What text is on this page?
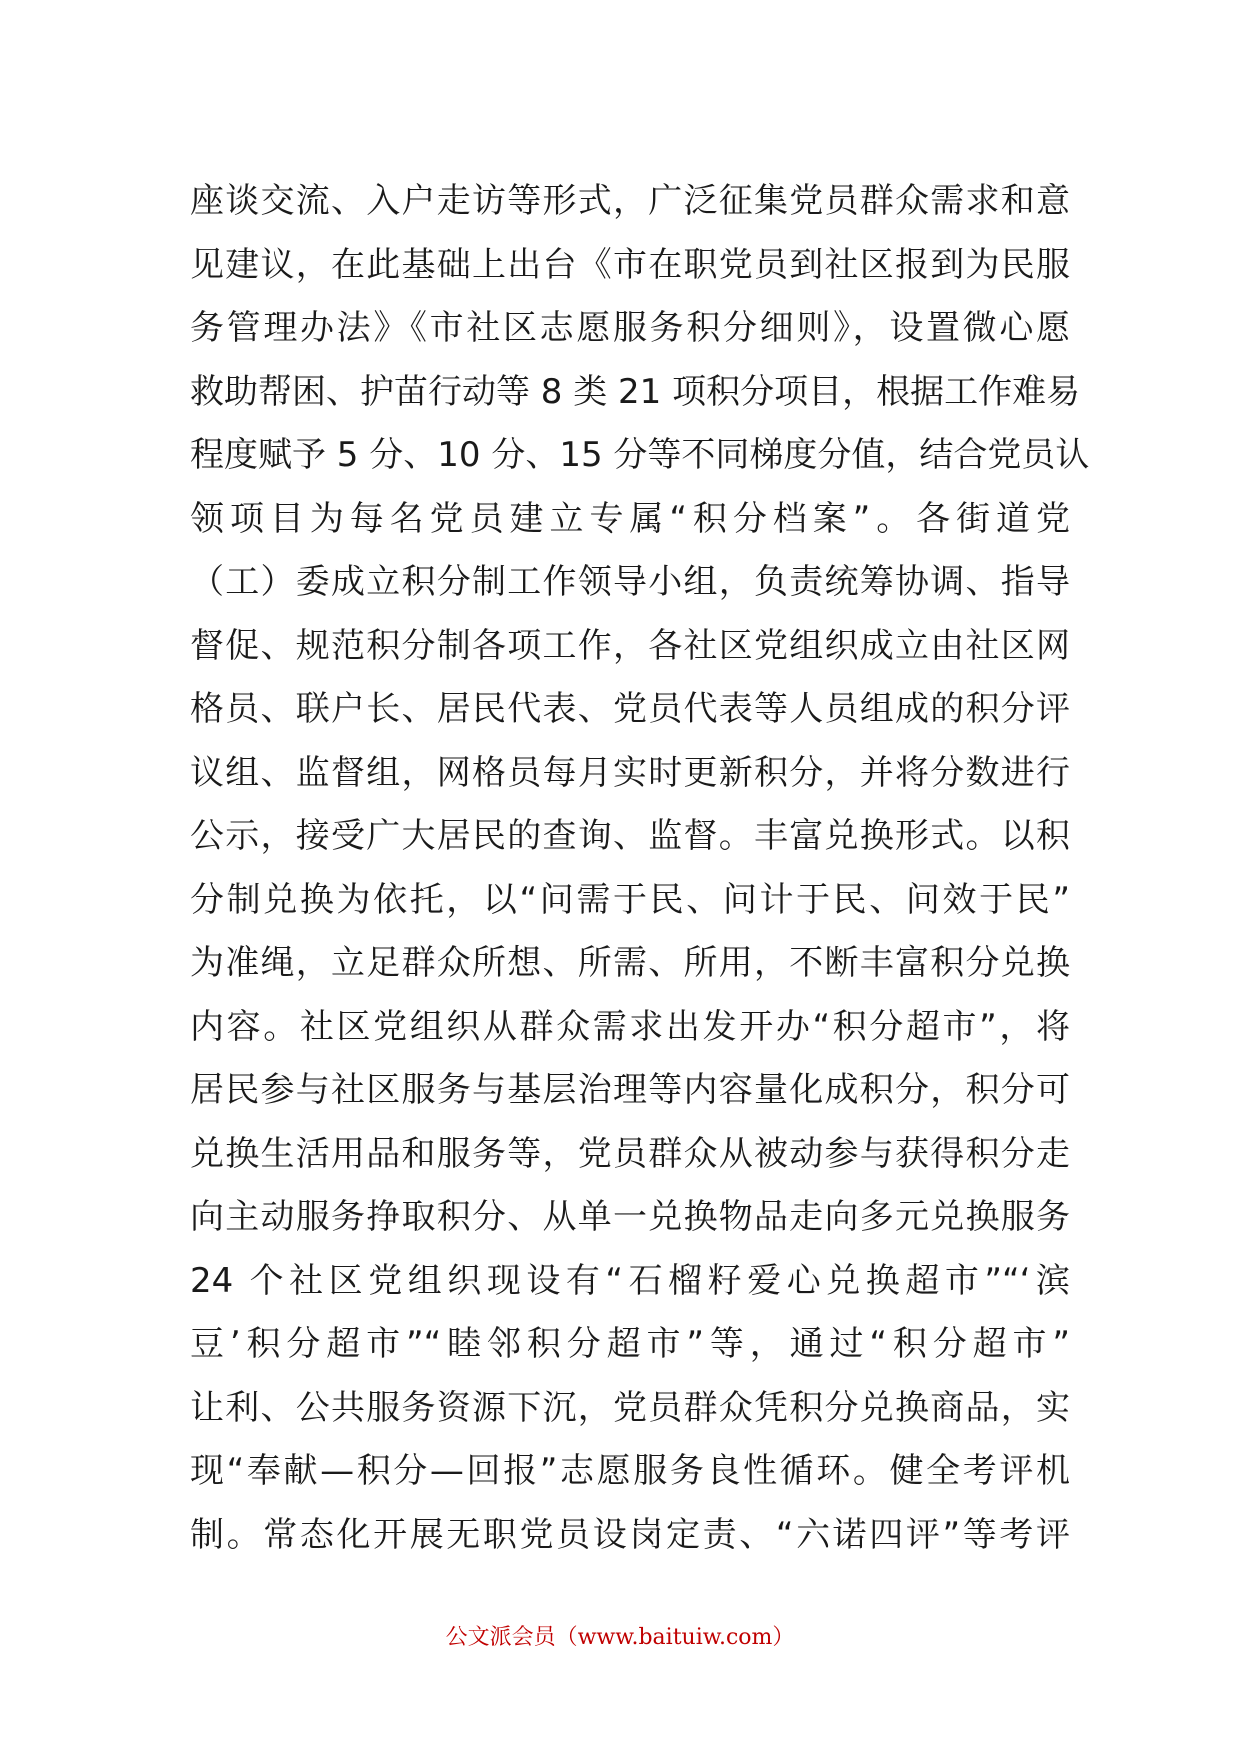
座谈交流、入户走访等形式，广泛征集党员群众需求和意
见建议，在此基础上出台《市在职党员到社区报到为民服
务管理办法》《市社区志愿服务积分细则》，设置微心愿
救助帮困、护苗行动等 8 类 21 项积分项目，根据工作难易
程度赋予 5 分、10 分、15 分等不同梯度分值，结合党员认
领项目为每名党员建立专属“积分档案”。各街道党
（工）委成立积分制工作领导小组，负责统筹协调、指导
督促、规范积分制各项工作，各社区党组织成立由社区网
格员、联户长、居民代表、党员代表等人员组成的积分评
议组、监督组，网格员每月实时更新积分，并将分数进行
公示，接受广大居民的查询、监督。丰富兑换形式。以积
分制兑换为依托，以“问需于民、问计于民、问效于民”
为准绳，立足群众所想、所需、所用，不断丰富积分兑换
内容。社区党组织从群众需求出发开办“积分超市”，将
居民参与社区服务与基层治理等内容量化成积分，积分可
兑换生活用品和服务等，党员群众从被动参与获得积分走
向主动服务挣取积分、从单一兑换物品走向多元兑换服务
24 个社区党组织现设有“石榴籽爱心兑换超市”“‘滨
豆’积分超市”“睦邻积分超市”等，通过“积分超市”
让利、公共服务资源下沉，党员群众凭积分兑换商品，实
现“奉献—积分—回报”志愿服务良性循环。健全考评机
制。常态化开展无职党员设岗定责、“六诺四评”等考评
公文派会员（www.baituiw.com）
